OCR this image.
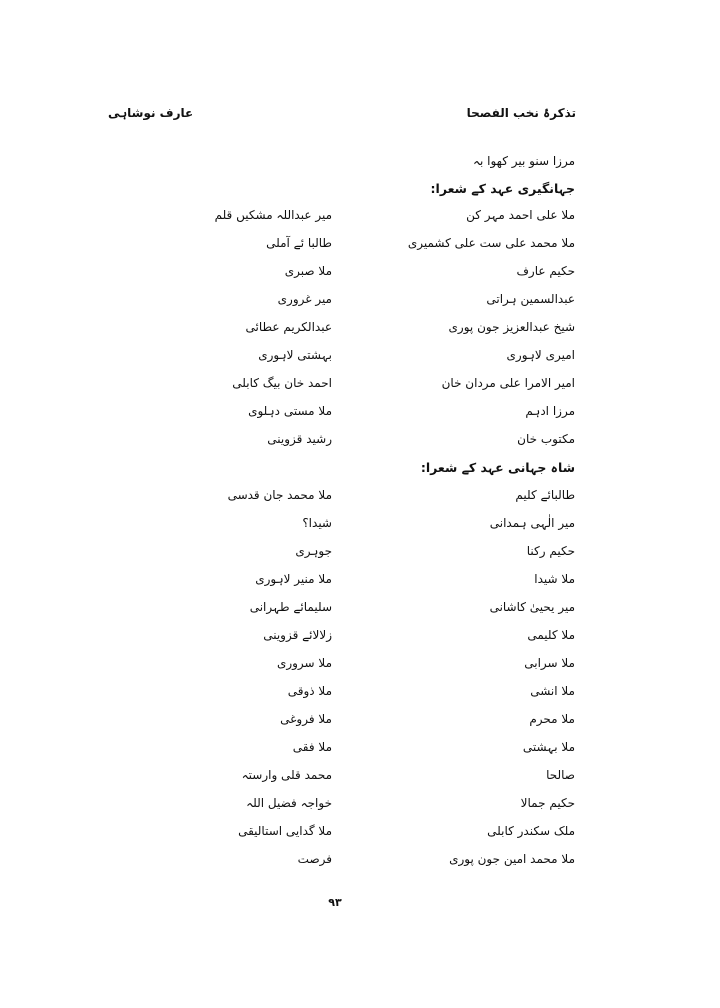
تذکرۂ نخب الفصحا
عارف نوشاہی
مرزا سنو بیر کھوا بہ
جہانگیری عہد کے شعرا:
ملا علی احمد مہر کن
میر عبداللہ مشکیں قلم
ملا محمد علی ست علی کشمیری
طالبا ئے آملی
حکیم عارف
ملا صبری
عبدالسمین ہراتی
میر غروری
شیخ عبدالعزیز جون پوری
عبدالکریم عطائی
امیری لاہوری
بہشتی لاہوری
امیر الامرا علی مردان خان
احمد خان بیگ کابلی
مرزا ادہم
ملا مستی دہلوی
مکتوب خان
رشید قزوینی
شاہ جہانی عہد کے شعرا:
طالبائے کلیم
ملا محمد جان قدسی
میر الٰہی ہمدانی
شیدا؟
حکیم رکنا
جوہری
ملا شیدا
ملا منیر لاہوری
میر یحییٰ کاشانی
سلیمائے طہرانی
ملا کلیمی
زلالائے قزوینی
ملا سرابی
ملا سروری
ملا انشی
ملا ذوقی
ملا محرم
ملا فروغی
ملا بہشتی
ملا فقی
صالحا
محمد قلی وارستہ
حکیم جمالا
خواجہ فضیل اللہ
ملک سکندر کابلی
ملا گدایی استالیقی
ملا محمد امین جون پوری
فرصت
۹۳
